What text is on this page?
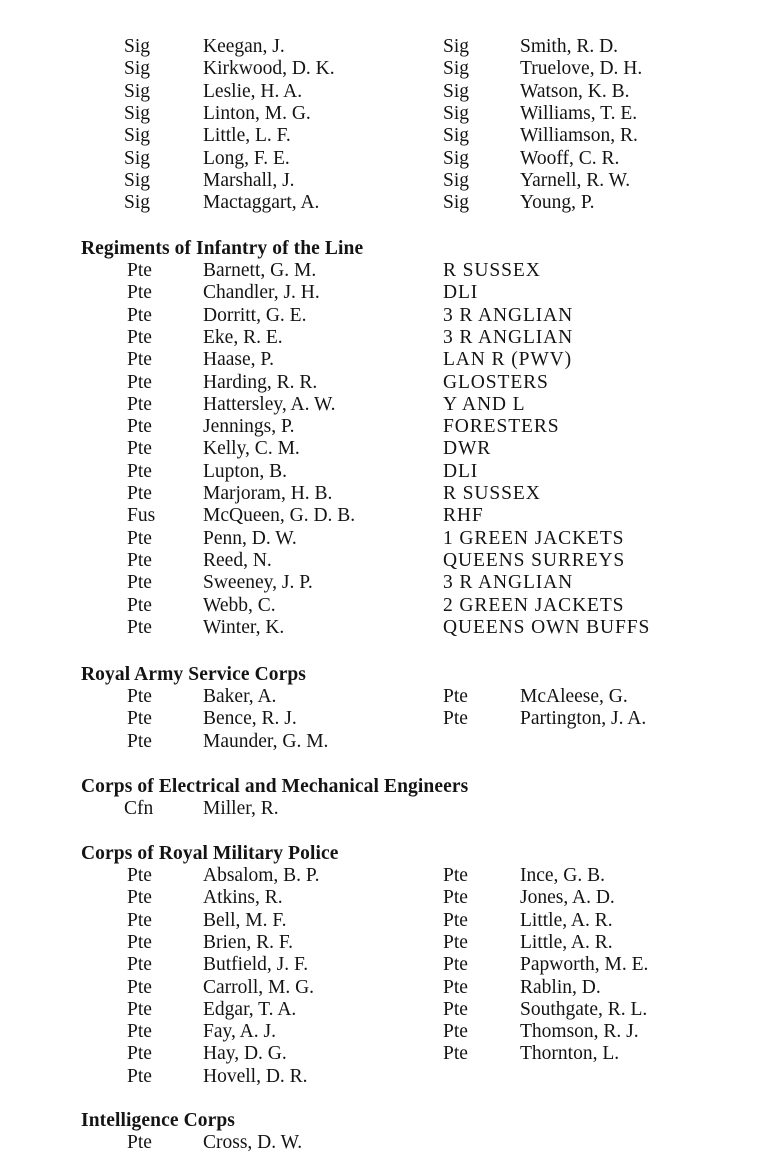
Sig	Keegan, J.	Sig	Smith, R. D.
Sig	Kirkwood, D. K.	Sig	Truelove, D. H.
Sig	Leslie, H. A.	Sig	Watson, K. B.
Sig	Linton, M. G.	Sig	Williams, T. E.
Sig	Little, L. F.	Sig	Williamson, R.
Sig	Long, F. E.	Sig	Wooff, C. R.
Sig	Marshall, J.	Sig	Yarnell, R. W.
Sig	Mactaggart, A.	Sig	Young, P.
Regiments of Infantry of the Line
Pte	Barnett, G. M.	R SUSSEX
Pte	Chandler, J. H.	DLI
Pte	Dorritt, G. E.	3 R ANGLIAN
Pte	Eke, R. E.	3 R ANGLIAN
Pte	Haase, P.	LAN R (PWV)
Pte	Harding, R. R.	GLOSTERS
Pte	Hattersley, A. W.	Y AND L
Pte	Jennings, P.	FORESTERS
Pte	Kelly, C. M.	DWR
Pte	Lupton, B.	DLI
Pte	Marjoram, H. B.	R SUSSEX
Fus McQueen, G. D. B.	RHF
Pte	Penn, D. W.	1 GREEN JACKETS
Pte	Reed, N.	QUEENS SURREYS
Pte	Sweeney, J. P.	3 R ANGLIAN
Pte	Webb, C.	2 GREEN JACKETS
Pte	Winter, K.	QUEENS OWN BUFFS
Royal Army Service Corps
Pte	Baker, A.	Pte	McAleese, G.
Pte	Bence, R. J.	Pte	Partington, J. A.
Pte	Maunder, G. M.
Corps of Electrical and Mechanical Engineers
Cfn	Miller, R.
Corps of Royal Military Police
Pte	Absalom, B. P.	Pte	Ince, G. B.
Pte	Atkins, R.	Pte	Jones, A. D.
Pte	Bell, M. F.	Pte	Little, A. R.
Pte	Brien, R. F.	Pte	Little, A. R.
Pte	Butfield, J. F.	Pte	Papworth, M. E.
Pte	Carroll, M. G.	Pte	Rablin, D.
Pte	Edgar, T. A.	Pte	Southgate, R. L.
Pte	Fay, A. J.	Pte	Thomson, R. J.
Pte	Hay, D. G.	Pte	Thornton, L.
Pte	Hovell, D. R.
Intelligence Corps
Pte	Cross, D. W.
